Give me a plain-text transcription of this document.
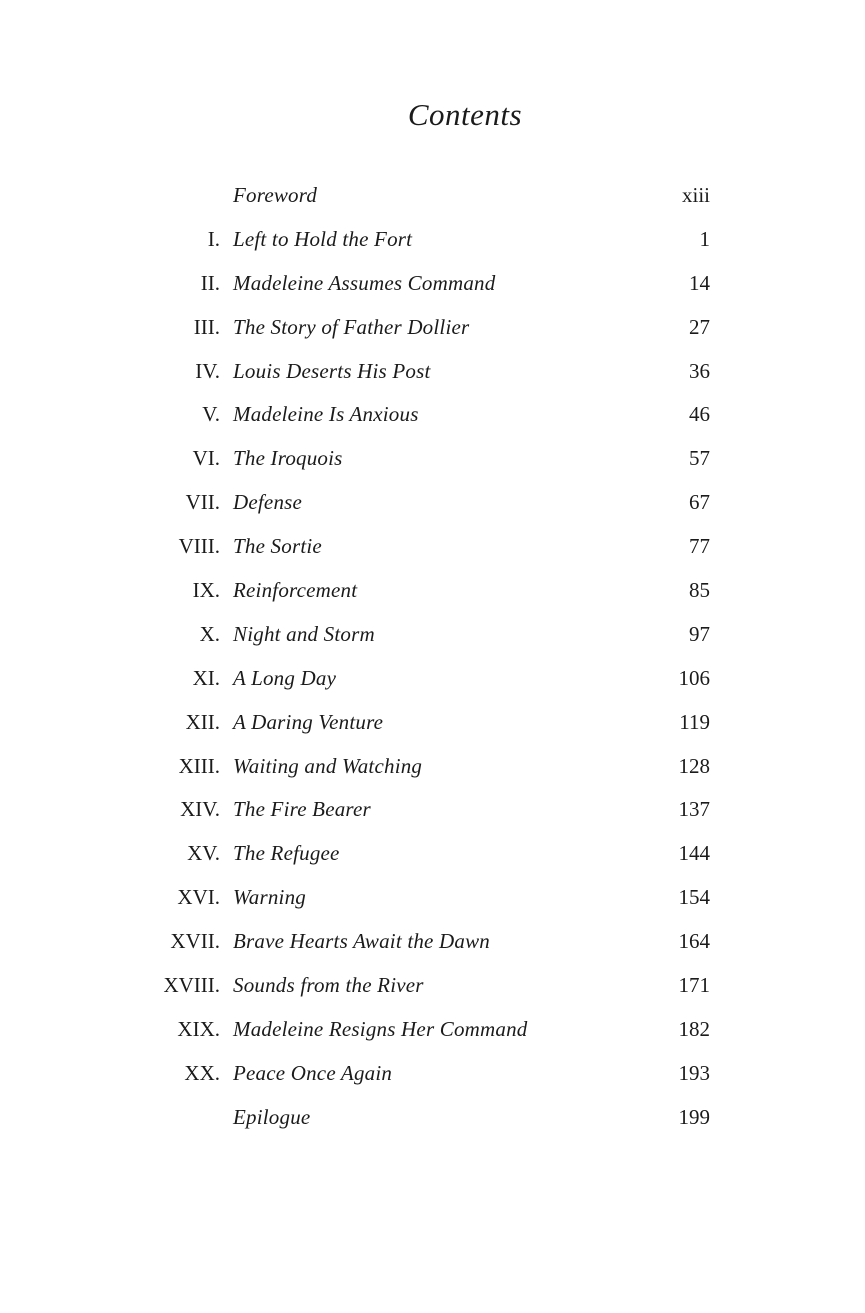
Contents
Foreword	xiii
I. Left to Hold the Fort	1
II. Madeleine Assumes Command	14
III. The Story of Father Dollier	27
IV. Louis Deserts His Post	36
V. Madeleine Is Anxious	46
VI. The Iroquois	57
VII. Defense	67
VIII. The Sortie	77
IX. Reinforcement	85
X. Night and Storm	97
XI. A Long Day	106
XII. A Daring Venture	119
XIII. Waiting and Watching	128
XIV. The Fire Bearer	137
XV. The Refugee	144
XVI. Warning	154
XVII. Brave Hearts Await the Dawn	164
XVIII. Sounds from the River	171
XIX. Madeleine Resigns Her Command	182
XX. Peace Once Again	193
Epilogue	199
